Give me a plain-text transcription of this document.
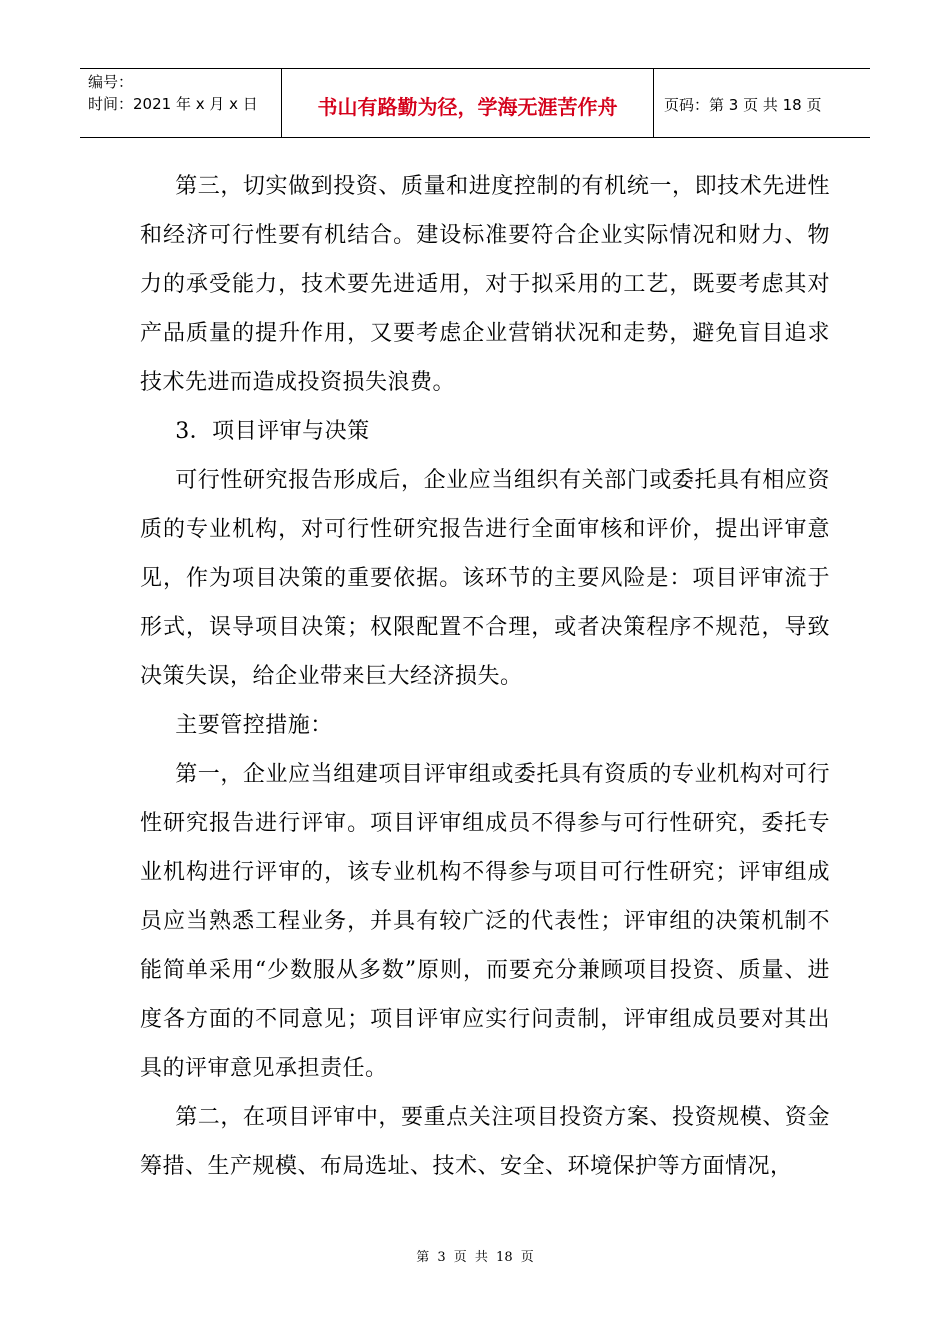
编号：
时间：2021 年 x 月 x 日	书山有路勤为径，学海无涯苦作舟	页码：第 3 页 共 18 页

第三，切实做到投资、质量和进度控制的有机统一，即技术先进性和经济可行性要有机结合。建设标准要符合企业实际情况和财力、物力的承受能力，技术要先进适用，对于拟采用的工艺，既要考虑其对产品质量的提升作用，又要考虑企业营销状况和走势，避免盲目追求技术先进而造成投资损失浪费。

3．项目评审与决策

可行性研究报告形成后，企业应当组织有关部门或委托具有相应资质的专业机构，对可行性研究报告进行全面审核和评价，提出评审意见，作为项目决策的重要依据。该环节的主要风险是：项目评审流于形式，误导项目决策；权限配置不合理，或者决策程序不规范，导致决策失误，给企业带来巨大经济损失。

主要管控措施：

第一，企业应当组建项目评审组或委托具有资质的专业机构对可行性研究报告进行评审。项目评审组成员不得参与可行性研究，委托专业机构进行评审的，该专业机构不得参与项目可行性研究；评审组成员应当熟悉工程业务，并具有较广泛的代表性；评审组的决策机制不能简单采用“少数服从多数”原则，而要充分兼顾项目投资、质量、进度各方面的不同意见；项目评审应实行问责制，评审组成员要对其出具的评审意见承担责任。

第二，在项目评审中，要重点关注项目投资方案、投资规模、资金筹措、生产规模、布局选址、技术、安全、环境保护等方面情况，

第 3 页 共 18 页
